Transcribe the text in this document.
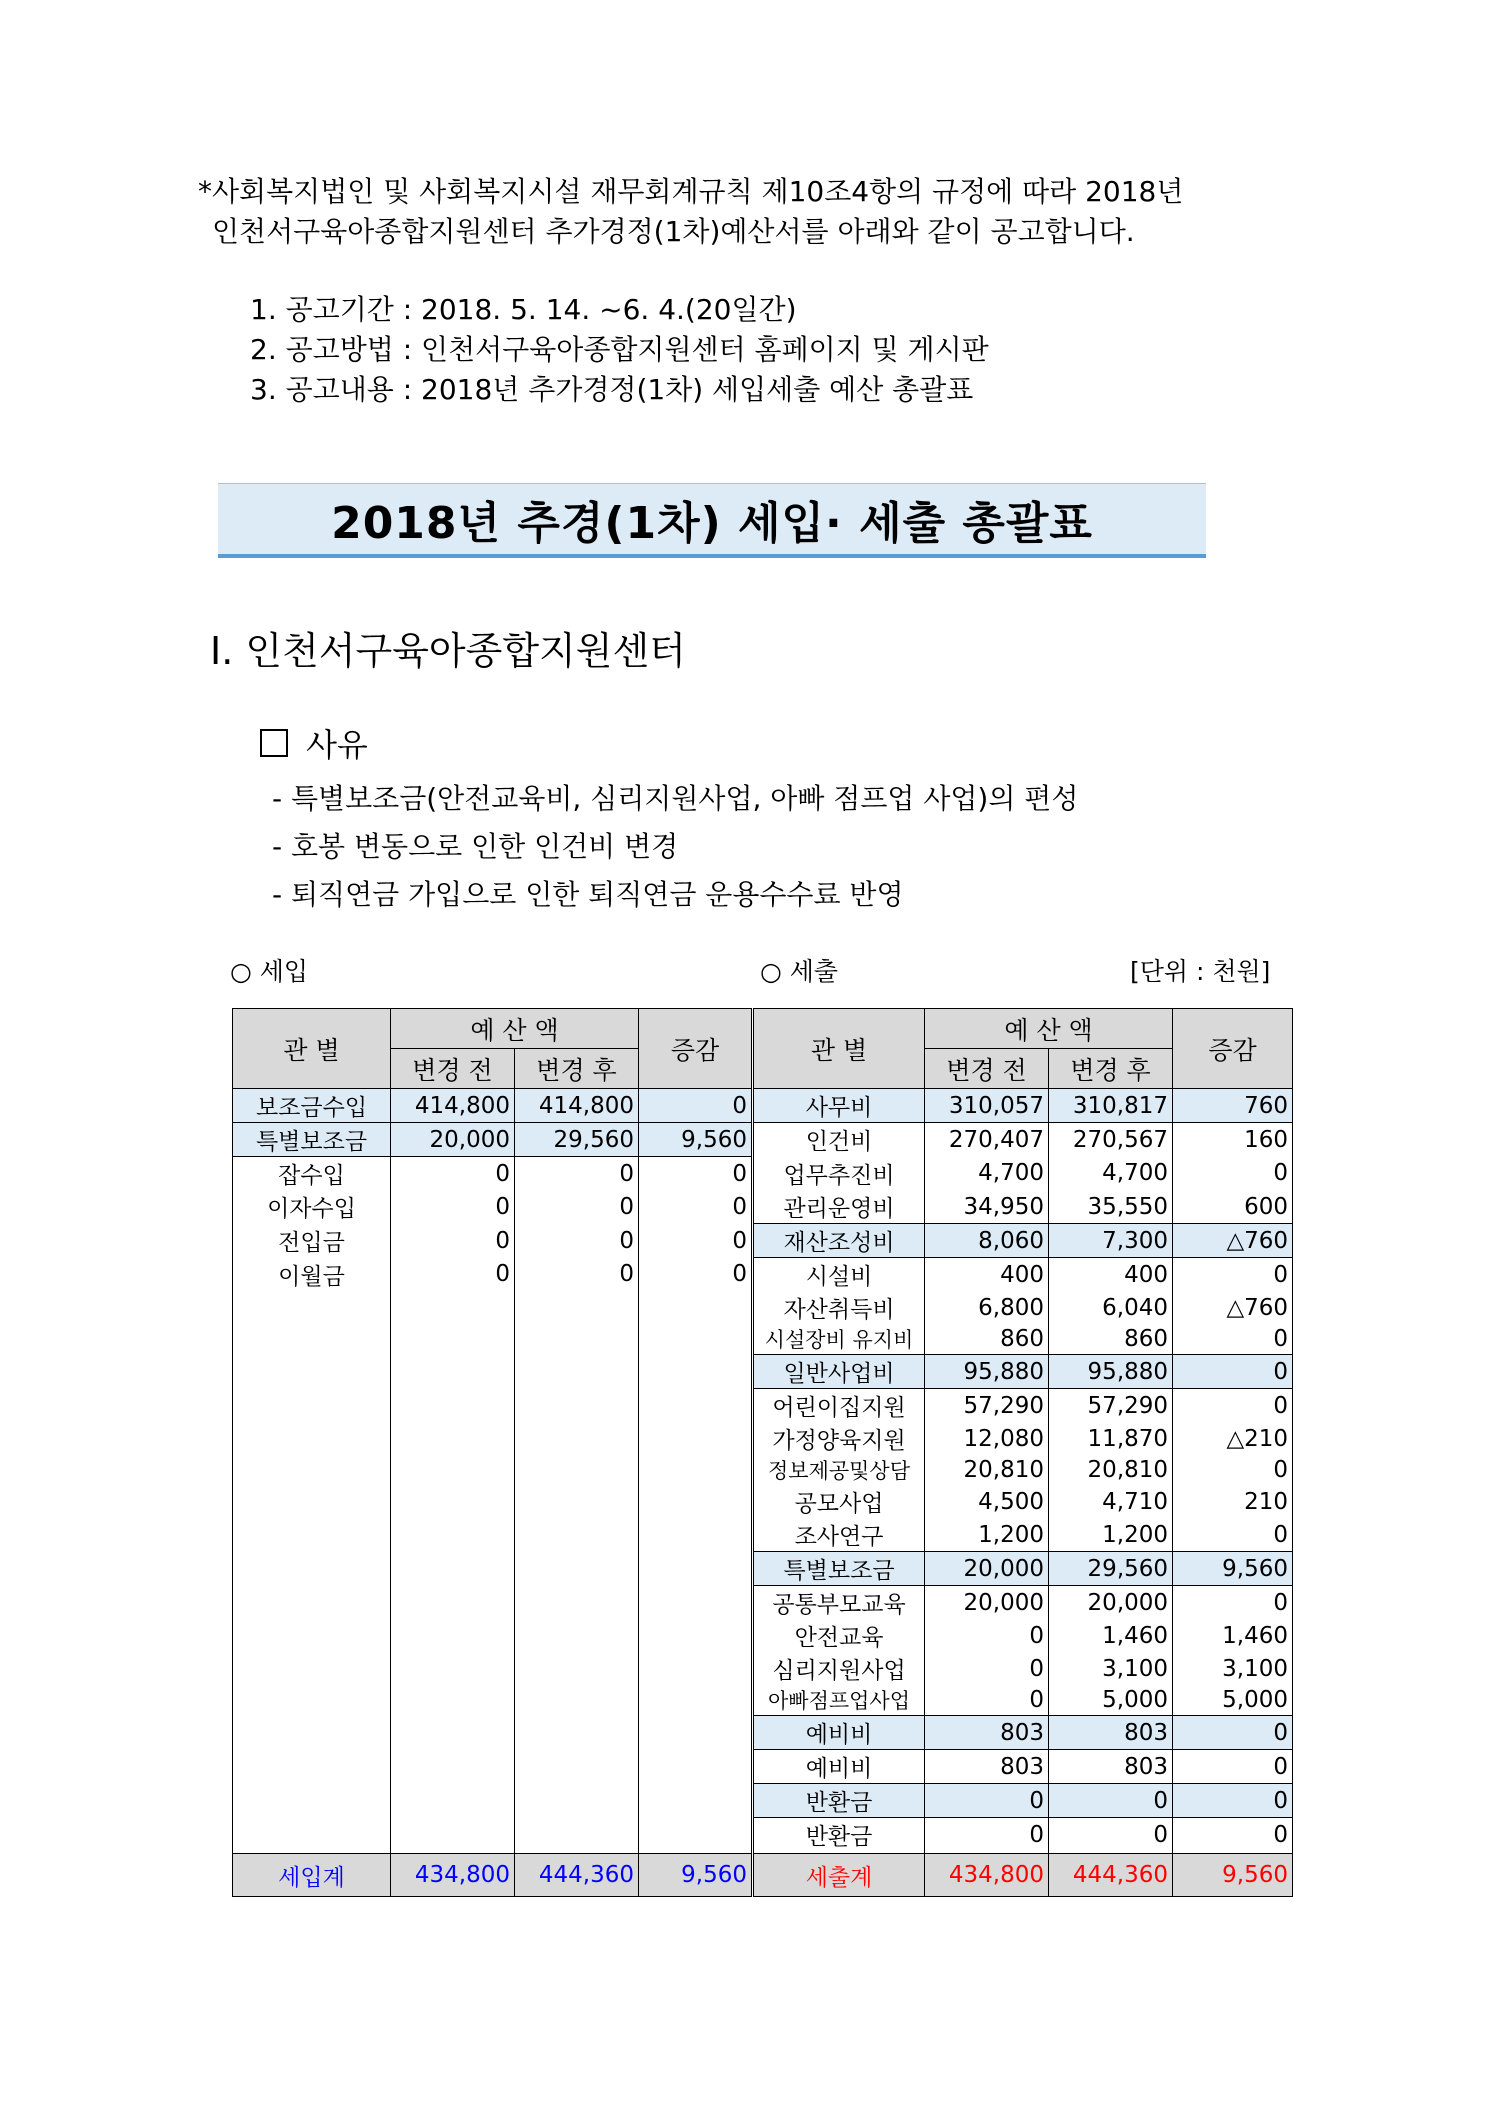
*사회복지법인 및 사회복지시설 재무회계규칙 제10조4항의 규정에 따라 2018년
인천서구육아종합지원센터 추가경정(1차)예산서를 아래와 같이 공고합니다.
1. 공고기간 : 2018. 5. 14. ~6. 4.(20일간)
2. 공고방법 : 인천서구육아종합지원센터 홈페이지 및 게시판
3. 공고내용 : 2018년 추가경정(1차) 세입세출 예산 총괄표
2018년 추경(1차) 세입· 세출 총괄표
Ⅰ. 인천서구육아종합지원센터
사유
- 특별보조금(안전교육비, 심리지원사업, 아빠 점프업 사업)의 편성
- 호봉 변동으로 인한 인건비 변경
- 퇴직연금 가입으로 인한 퇴직연금 운용수수료 반영
○ 세입	○ 세출	[단위 : 천원]
관 별	예 산 액		증감	관 별	예 산 액		증감
	변경 전	변경 후			변경 전	변경 후	
보조금수입	414,800	414,800	0	사무비	310,057	310,817	760
특별보조금	20,000	29,560	9,560	인건비	270,407	270,567	160
잡수입	0	0	0	업무추진비	4,700	4,700	0
이자수입	0	0	0	관리운영비	34,950	35,550	600
전입금	0	0	0	재산조성비	8,060	7,300	△760
이월금	0	0	0	시설비	400	400	0
				자산취득비	6,800	6,040	△760
				시설장비 유지비	860	860	0
				일반사업비	95,880	95,880	0
				어린이집지원	57,290	57,290	0
				가정양육지원	12,080	11,870	△210
				정보제공및상담	20,810	20,810	0
				공모사업	4,500	4,710	210
				조사연구	1,200	1,200	0
				특별보조금	20,000	29,560	9,560
				공통부모교육	20,000	20,000	0
				안전교육	0	1,460	1,460
				심리지원사업	0	3,100	3,100
				아빠점프업사업	0	5,000	5,000
				예비비	803	803	0
				예비비	803	803	0
				반환금	0	0	0
				반환금	0	0	0

세입계	434,800	444,360	9,560	세출계	434,800	444,360	9,560
